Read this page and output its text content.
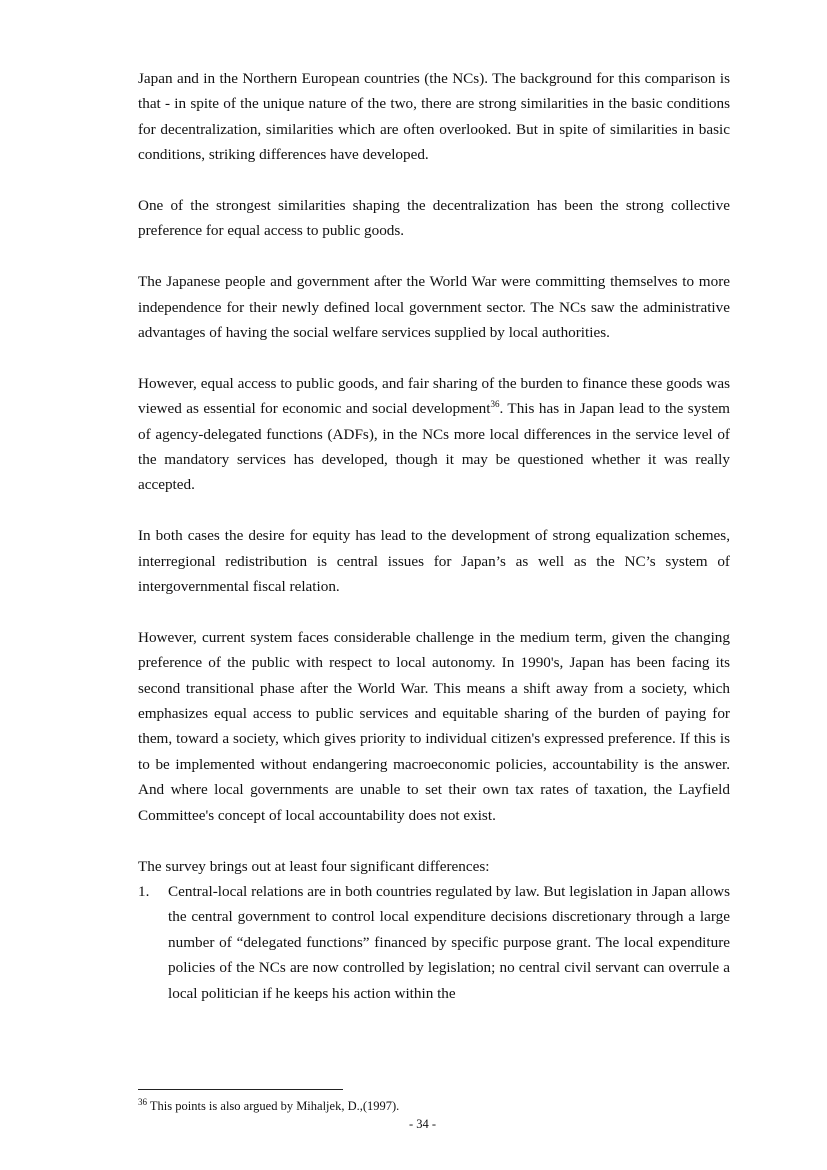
Japan and in the Northern European countries (the NCs). The background for this comparison is that - in spite of the unique nature of the two, there are strong similarities in the basic conditions for decentralization, similarities which are often overlooked. But in spite of similarities in basic conditions, striking differences have developed.

One of the strongest similarities shaping the decentralization has been the strong collective preference for equal access to public goods.

The Japanese people and government after the World War were committing themselves to more independence for their newly defined local government sector. The NCs saw the administrative advantages of having the social welfare services supplied by local authorities.

However, equal access to public goods, and fair sharing of the burden to finance these goods was viewed as essential for economic and social development$^{36}$. This has in Japan lead to the system of agency-delegated functions (ADFs), in the NCs more local differences in the service level of the mandatory services has developed, though it may be questioned whether it was really accepted.

In both cases the desire for equity has lead to the development of strong equalization schemes, interregional redistribution is central issues for Japan’s as well as the NC’s system of intergovernmental fiscal relation.

However, current system faces considerable challenge in the medium term, given the changing preference of the public with respect to local autonomy. In 1990's, Japan has been facing its second transitional phase after the World War. This means a shift away from a society, which emphasizes equal access to public services and equitable sharing of the burden of paying for them, toward a society, which gives priority to individual citizen's expressed preference. If this is to be implemented without endangering macroeconomic policies, accountability is the answer. And where local governments are unable to set their own tax rates of taxation, the Layfield Committee's concept of local accountability does not exist.

The survey brings out at least four significant differences:

1. Central-local relations are in both countries regulated by law. But legislation in Japan allows the central government to control local expenditure decisions discretionary through a large number of “delegated functions” financed by specific purpose grant. The local expenditure policies of the NCs are now controlled by legislation; no central civil servant can overrule a local politician if he keeps his action within the
$^{36}$ This points is also argued by Mihaljek, D.,(1997).
- 34 -
